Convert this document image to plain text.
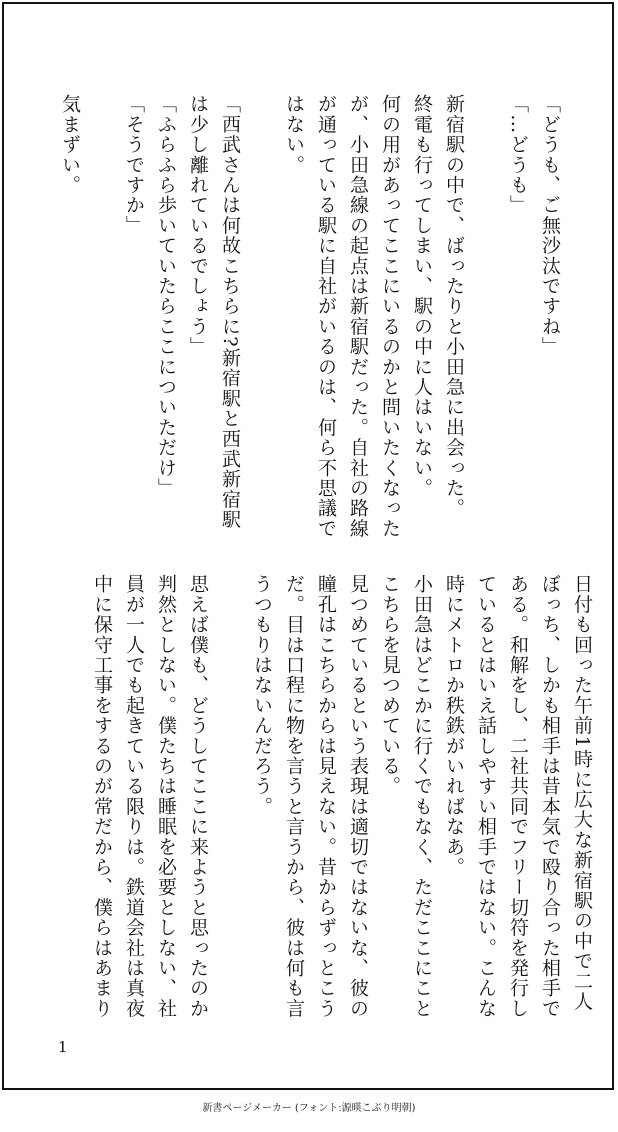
「どうも、ご無沙汰ですね」
「…どうも」

新宿駅の中で、ばったりと小田急に出会った。
終電も行ってしまい、駅の中に人はいない。
何の用があってここにいるのかと問いたくなった
が、小田急線の起点は新宿駅だった。自社の路線
が通っている駅に自社がいるのは、何ら不思議で
はない。

「西武さんは何故こちらに?新宿駅と西武新宿駅
は少し離れているでしょう」
「ふらふら歩いていたらここについただけ」
「そうですか」

気まずい。
日付も回った午前1時に広大な新宿駅の中で二人
ぼっち、しかも相手は昔本気で殴り合った相手で
ある。和解をし、二社共同でフリー切符を発行し
ているとはいえ話しやすい相手ではない。こんな
時にメトロか秩鉄がいればなあ。
小田急はどこかに行くでもなく、ただここにこと
こちらを見つめている。
見つめているという表現は適切ではないな、彼の
瞳孔はこちらからは見えない。昔からずっとこう
だ。目は口程に物を言うと言うから、彼は何も言
うつもりはないんだろう。

思えば僕も、どうしてここに来ようと思ったのか
判然としない。僕たちは睡眠を必要としない、社
員が一人でも起きている限りは。鉄道会社は真夜
中に保守工事をするのが常だから、僕らはあまり
1
新書ページメーカー (フォント:源暎こぶり明朝)
